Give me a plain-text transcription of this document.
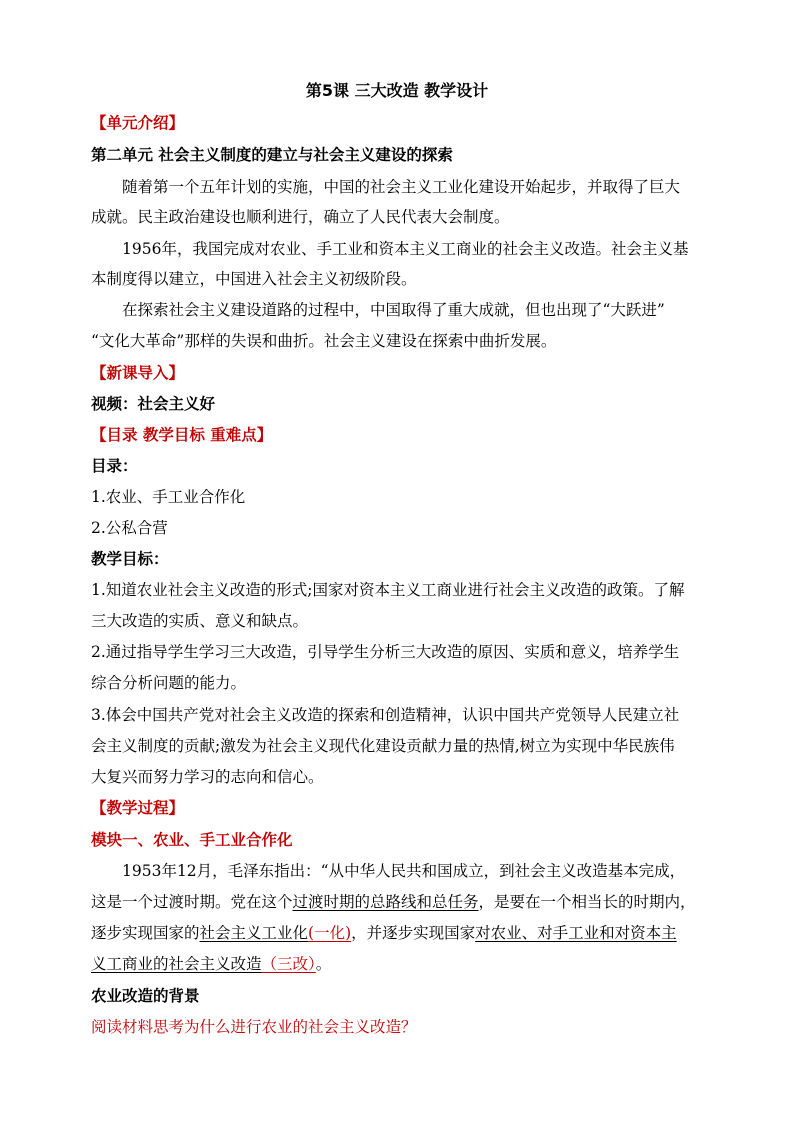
第5课 三大改造 教学设计
【单元介绍】
第二单元 社会主义制度的建立与社会主义建设的探索
随着第一个五年计划的实施，中国的社会主义工业化建设开始起步，并取得了巨大
成就。民主政治建设也顺利进行，确立了人民代表大会制度。
1956年，我国完成对农业、手工业和资本主义工商业的社会主义改造。社会主义基
本制度得以建立，中国进入社会主义初级阶段。
在探索社会主义建设道路的过程中，中国取得了重大成就，但也出现了“大跃进”
“文化大革命”那样的失误和曲折。社会主义建设在探索中曲折发展。
【新课导入】
视频：社会主义好
【目录 教学目标 重难点】
目录：
1.农业、手工业合作化
2.公私合营
教学目标：
1.知道农业社会主义改造的形式;国家对资本主义工商业进行社会主义改造的政策。了解
三大改造的实质、意义和缺点。
2.通过指导学生学习三大改造，引导学生分析三大改造的原因、实质和意义，培养学生
综合分析问题的能力。
3.体会中国共产党对社会主义改造的探索和创造精神，认识中国共产党领导人民建立社
会主义制度的贡献;激发为社会主义现代化建设贡献力量的热情,树立为实现中华民族伟
大复兴而努力学习的志向和信心。
【教学过程】
模块一、农业、手工业合作化
1953年12月，毛泽东指出：“从中华人民共和国成立，到社会主义改造基本完成，
这是一个过渡时期。党在这个过渡时期的总路线和总任务，是要在一个相当长的时期内，
逐步实现国家的社会主义工业化(一化)，并逐步实现国家对农业、对手工业和对资本主
义工商业的社会主义改造（三改）。
农业改造的背景
阅读材料思考为什么进行农业的社会主义改造？
